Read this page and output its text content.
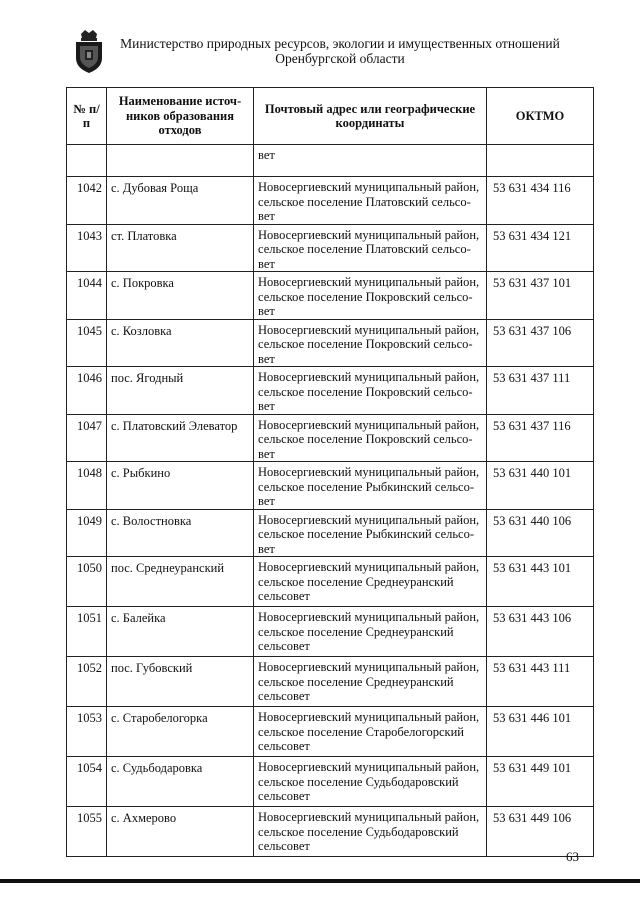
Министерство природных ресурсов, экологии и имущественных отношений
Оренбургской области
№ п/п	Наименование источ-ников образования отходов	Почтовый адрес или географические координаты	ОКТМО
		вет	
1042	с. Дубовая Роща	Новосергиевский муниципальный район, сельское поселение Платовский сельсо-вет	53 631 434 116
1043	ст. Платовка	Новосергиевский муниципальный район, сельское поселение Платовский сельсо-вет	53 631 434 121
1044	с. Покровка	Новосергиевский муниципальный район, сельское поселение Покровский сельсо-вет	53 631 437 101
1045	с. Козловка	Новосергиевский муниципальный район, сельское поселение Покровский сельсо-вет	53 631 437 106
1046	пос. Ягодный	Новосергиевский муниципальный район, сельское поселение Покровский сельсо-вет	53 631 437 111
1047	с. Платовский Элеватор	Новосергиевский муниципальный район, сельское поселение Покровский сельсо-вет	53 631 437 116
1048	с. Рыбкино	Новосергиевский муниципальный район, сельское поселение Рыбкинский сельсо-вет	53 631 440 101
1049	с. Волостновка	Новосергиевский муниципальный район, сельское поселение Рыбкинский сельсо-вет	53 631 440 106
1050	пос. Среднеуранский	Новосергиевский муниципальный район, сельское поселение Среднеуранский сельсовет	53 631 443 101
1051	с. Балейка	Новосергиевский муниципальный район, сельское поселение Среднеуранский сельсовет	53 631 443 106
1052	пос. Губовский	Новосергиевский муниципальный район, сельское поселение Среднеуранский сельсовет	53 631 443 111
1053	с. Старобелогорка	Новосергиевский муниципальный район, сельское поселение Старобелогорский сельсовет	53 631 446 101
1054	с. Судьбодаровка	Новосергиевский муниципальный район, сельское поселение Судьбодаровский сельсовет	53 631 449 101
1055	с. Ахмерово	Новосергиевский муниципальный район, сельское поселение Судьбодаровский сельсовет	53 631 449 106
63
